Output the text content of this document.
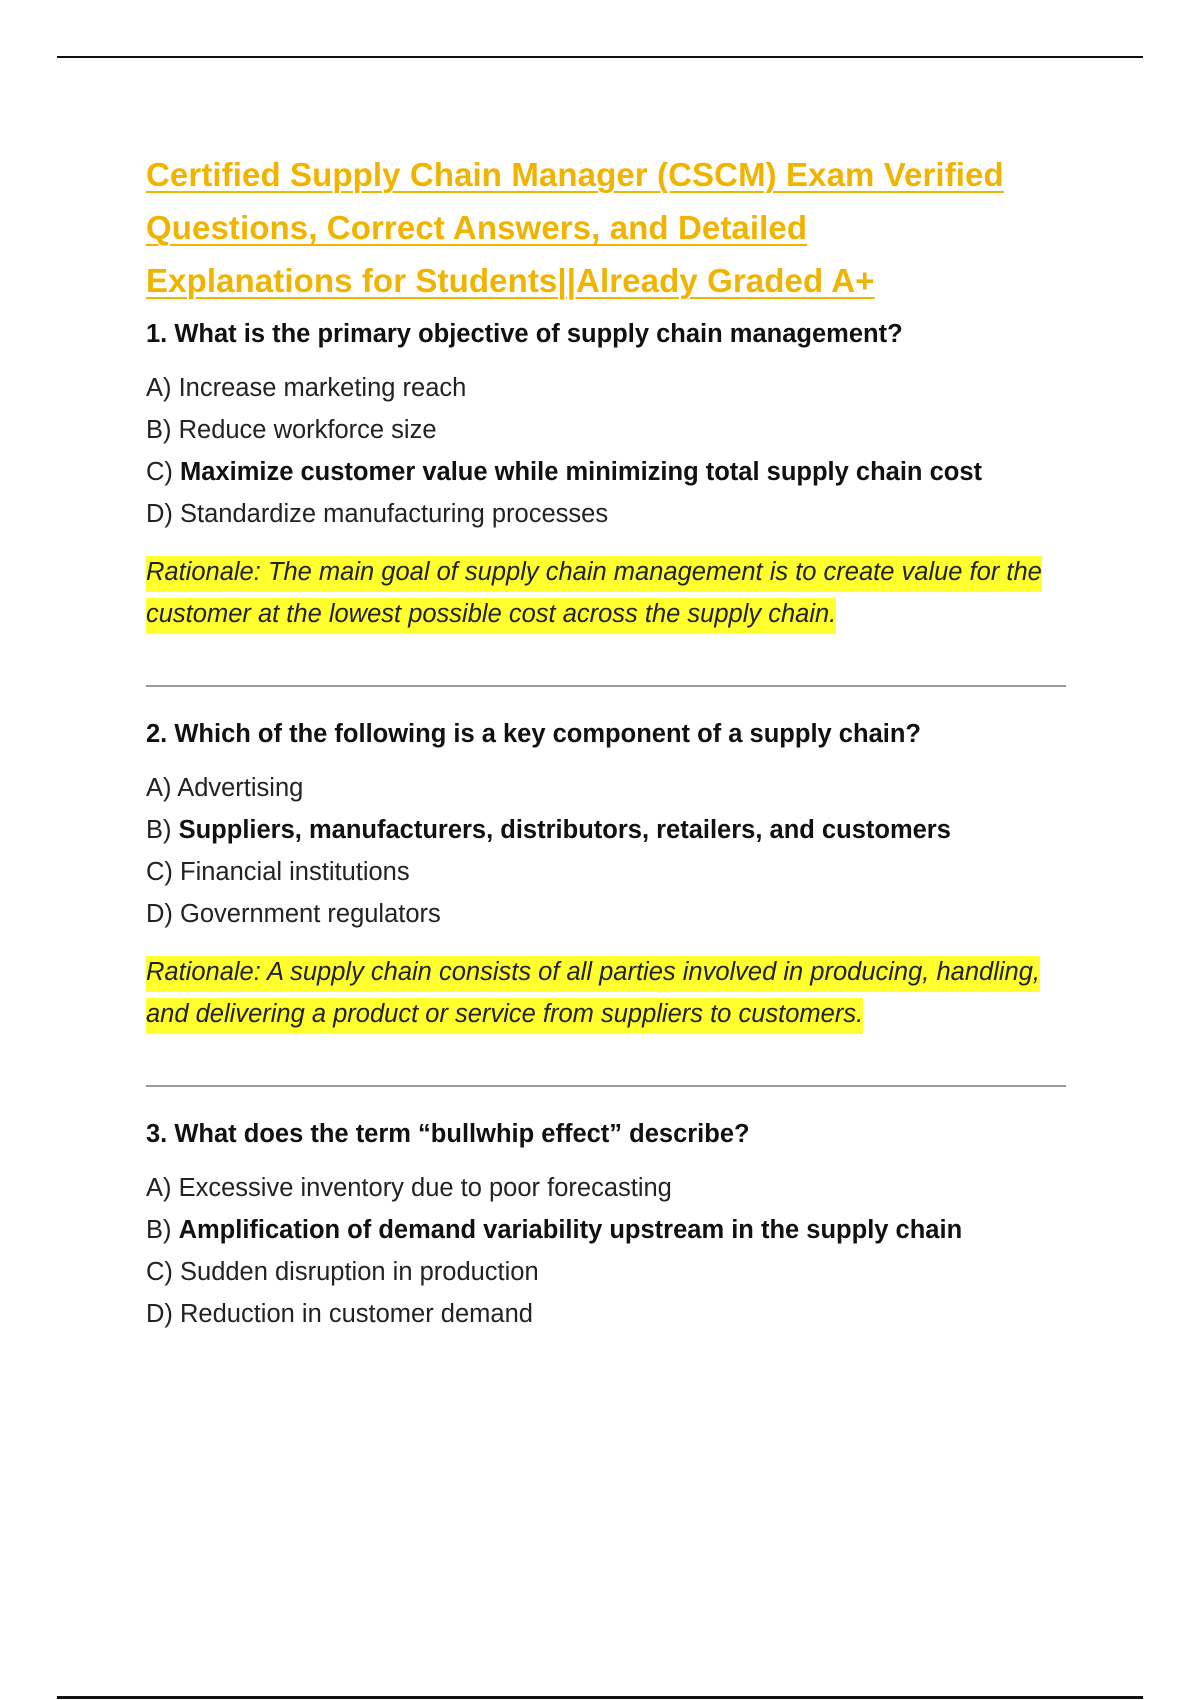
Certified Supply Chain Manager (CSCM) Exam Verified
Questions, Correct Answers, and Detailed
Explanations for Students||Already Graded A+

1. What is the primary objective of supply chain management?

A) Increase marketing reach
B) Reduce workforce size
C) Maximize customer value while minimizing total supply chain cost
D) Standardize manufacturing processes

Rationale: The main goal of supply chain management is to create value for the customer at the lowest possible cost across the supply chain.

2. Which of the following is a key component of a supply chain?

A) Advertising
B) Suppliers, manufacturers, distributors, retailers, and customers
C) Financial institutions
D) Government regulators

Rationale: A supply chain consists of all parties involved in producing, handling, and delivering a product or service from suppliers to customers.

3. What does the term “bullwhip effect” describe?

A) Excessive inventory due to poor forecasting
B) Amplification of demand variability upstream in the supply chain
C) Sudden disruption in production
D) Reduction in customer demand
